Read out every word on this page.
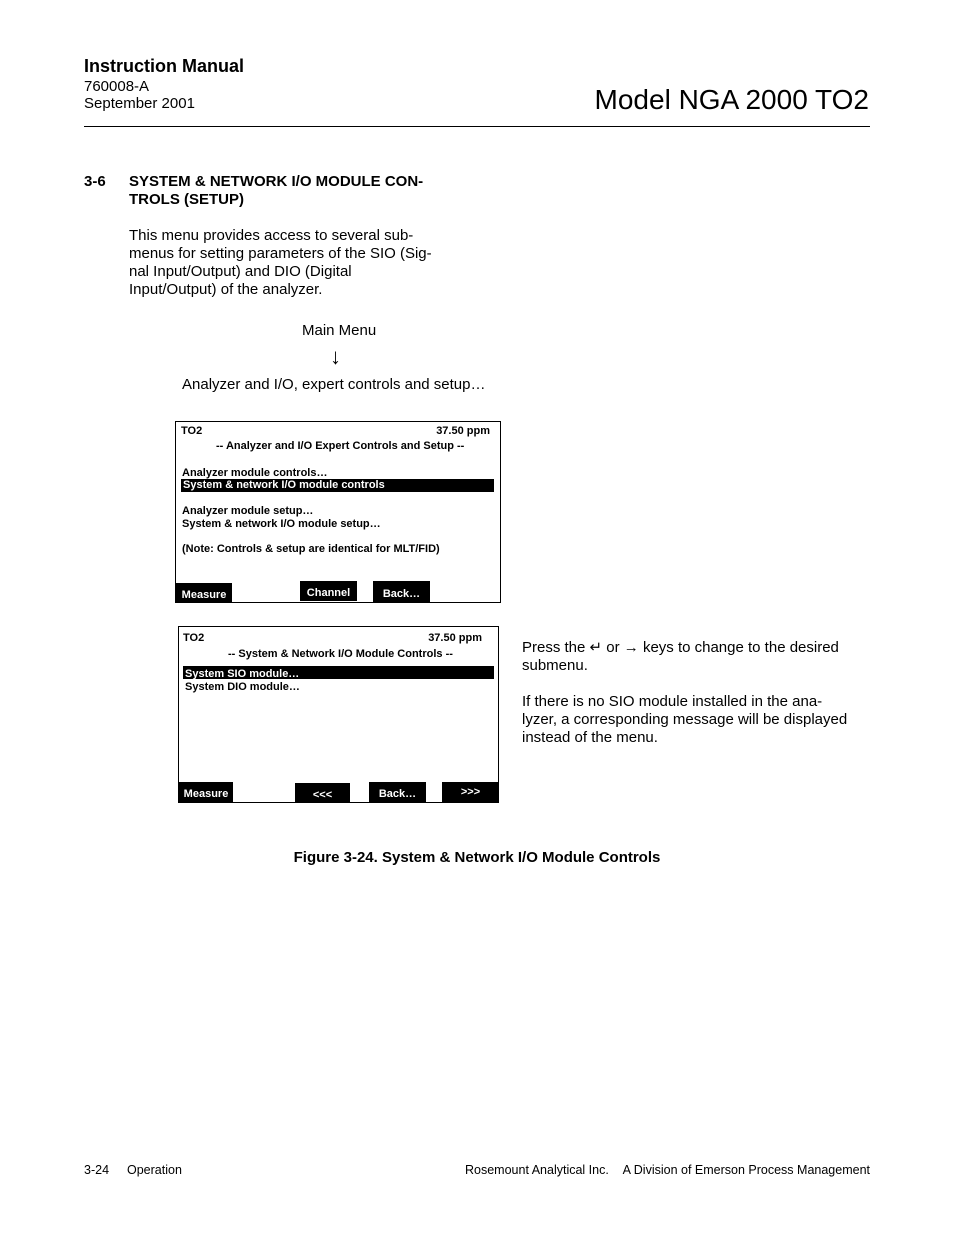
Instruction Manual
760008-A
September 2001	Model NGA 2000 TO2
3-6 SYSTEM & NETWORK I/O MODULE CON-
TROLS (SETUP)
This menu provides access to several sub-
menus for setting parameters of the SIO (Sig-
nal Input/Output) and DIO (Digital
Input/Output) of the analyzer.
Main Menu
↓
Analyzer and I/O, expert controls and setup…
TO2	37.50 ppm
-- Analyzer and I/O Expert Controls and Setup --
Analyzer module controls…
System & network I/O module controls
Analyzer module setup…
System & network I/O module setup…
(Note: Controls & setup are identical for MLT/FID)
Measure	Channel	Back…
TO2	37.50 ppm
-- System & Network I/O Module Controls --
System SIO module…
System DIO module…
Measure	<<<	Back…	>>>
Press the ↵ or → keys to change to the desired
submenu.
If there is no SIO module installed in the ana-
lyzer, a corresponding message will be displayed
instead of the menu.
Figure 3-24. System & Network I/O Module Controls
3-24 Operation	Rosemount Analytical Inc. A Division of Emerson Process Management
